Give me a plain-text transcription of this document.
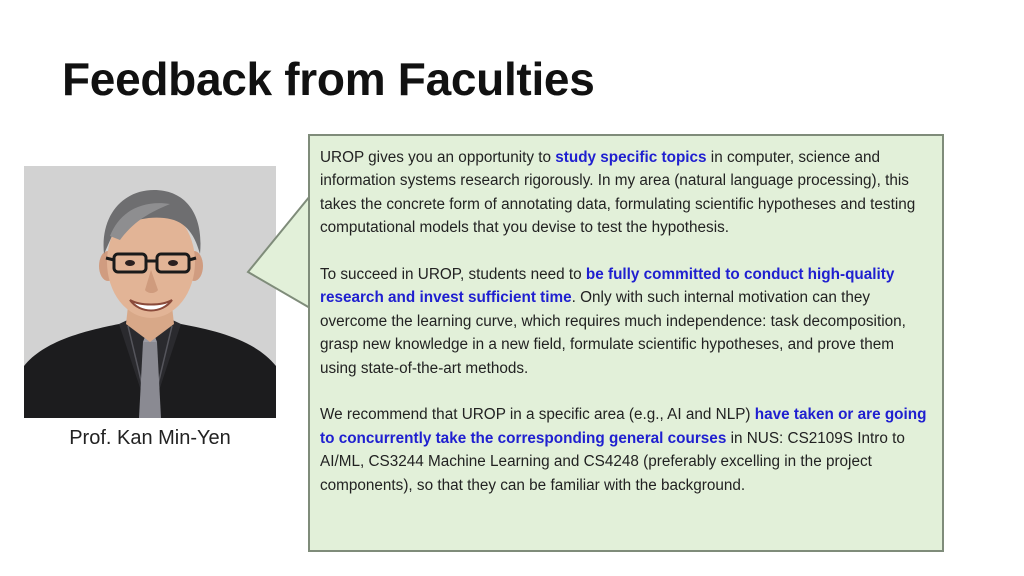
Feedback from Faculties
Prof. Kan Min-Yen

UROP gives you an opportunity to study specific topics in computer, science and information systems research rigorously. In my area (natural language processing), this takes the concrete form of annotating data, formulating scientific hypotheses and testing computational models that you devise to test the hypothesis.

To succeed in UROP, students need to be fully committed to conduct high-quality research and invest sufficient time. Only with such internal motivation can they overcome the learning curve, which requires much independence: task decomposition, grasp new knowledge in a new field, formulate scientific hypotheses, and prove them using state-of-the-art methods.

We recommend that UROP in a specific area (e.g., AI and NLP) have taken or are going to concurrently take the corresponding general courses in NUS: CS2109S Intro to AI/ML, CS3244 Machine Learning and CS4248 (preferably excelling in the project components), so that they can be familiar with the background.
